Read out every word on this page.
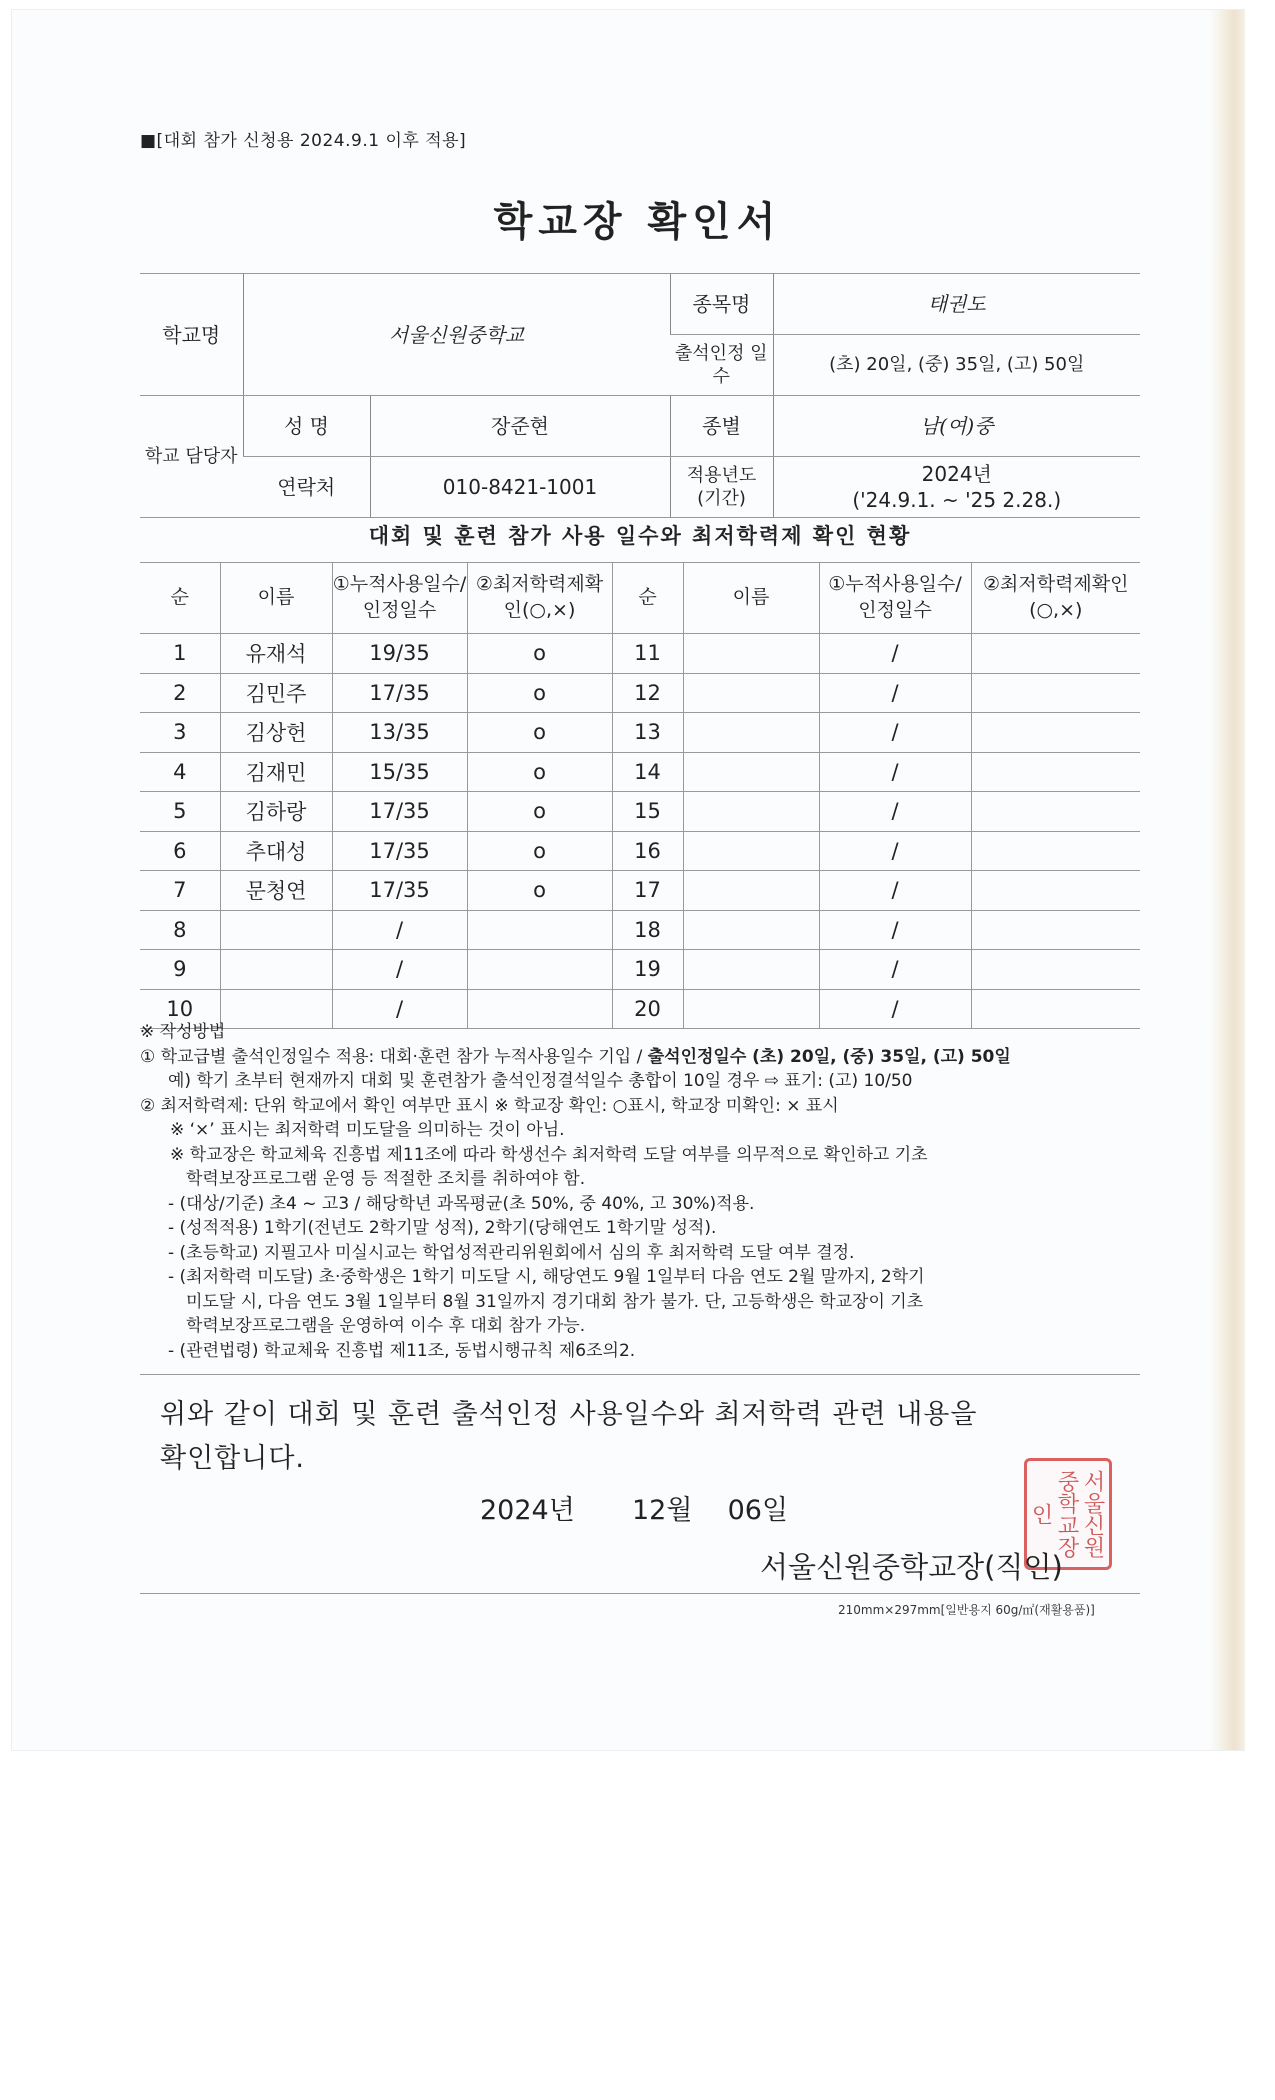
■[대회 참가 신청용 2024.9.1 이후 적용]
학교장 확인서
학교명	서울신원중학교		종목명	태권도
			출석인정 일수	(초) 20일, (중) 35일, (고) 50일
학교 담당자	성 명	장준현	종별	남(여)중
	연락처	010-8421-1001	적용년도 (기간)	2024년
('24.9.1. ~ '25 2.28.)
대회 및 훈련 참가 사용 일수와 최저학력제 확인 현황
순	이름	①누적사용일수/인정일수	②최저학력제확인(○,×)	순	이름	①누적사용일수/인정일수	②최저학력제확인(○,×)
1	유재석	19/35	o	11		/	
2	김민주	17/35	o	12		/	
3	김상헌	13/35	o	13		/	
4	김재민	15/35	o	14		/	
5	김하랑	17/35	o	15		/	
6	추대성	17/35	o	16		/	
7	문청연	17/35	o	17		/	
8		/		18		/	
9		/		19		/	
10		/		20		/	
※ 작성방법
① 학교급별 출석인정일수 적용: 대회·훈련 참가 누적사용일수 기입 / 출석인정일수 (초) 20일, (중) 35일, (고) 50일
예) 학기 초부터 현재까지 대회 및 훈련참가 출석인정결석일수 총합이 10일 경우 ⇨ 표기: (고) 10/50
② 최저학력제: 단위 학교에서 확인 여부만 표시 ※ 학교장 확인: ○표시, 학교장 미확인: × 표시
※ ‘×’ 표시는 최저학력 미도달을 의미하는 것이 아님.
※ 학교장은 학교체육 진흥법 제11조에 따라 학생선수 최저학력 도달 여부를 의무적으로 확인하고 기초
학력보장프로그램 운영 등 적절한 조치를 취하여야 함.
- (대상/기준) 초4 ~ 고3 / 해당학년 과목평균(초 50%, 중 40%, 고 30%)적용.
- (성적적용) 1학기(전년도 2학기말 성적), 2학기(당해연도 1학기말 성적).
- (초등학교) 지필고사 미실시교는 학업성적관리위원회에서 심의 후 최저학력 도달 여부 결정.
- (최저학력 미도달) 초·중학생은 1학기 미도달 시, 해당연도 9월 1일부터 다음 연도 2월 말까지, 2학기
미도달 시, 다음 연도 3월 1일부터 8월 31일까지 경기대회 참가 불가. 단, 고등학생은 학교장이 기초
학력보장프로그램을 운영하여 이수 후 대회 참가 가능.
- (관련법령) 학교체육 진흥법 제11조, 동법시행규칙 제6조의2.
위와 같이 대회 및 훈련 출석인정 사용일수와 최저학력 관련 내용을
확인합니다.
2024년 12월 06일	서울신원중학교장인
서울신원중학교장(직인)
210mm×297mm[일반용지 60g/㎡(재활용품)]
